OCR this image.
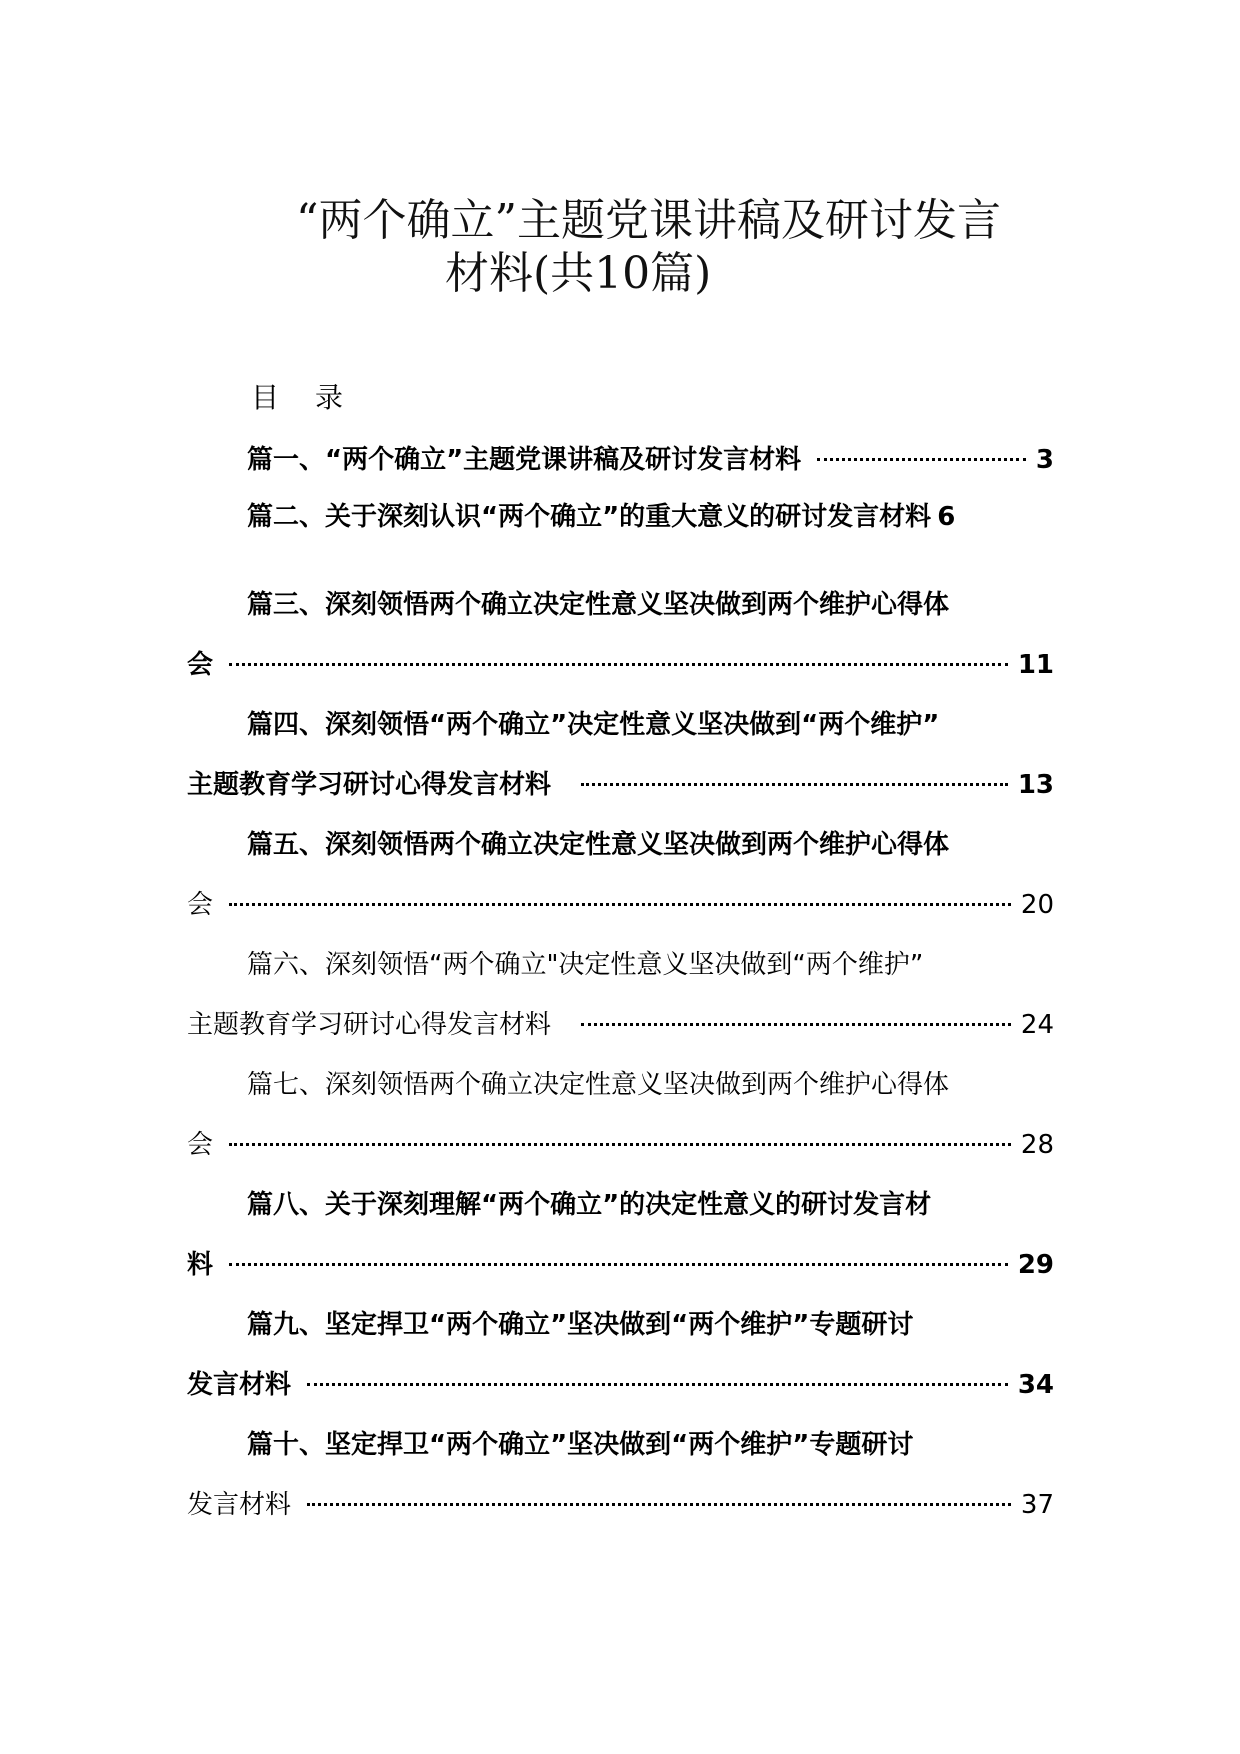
“两个确立”主题党课讲稿及研讨发言
材料(共10篇)
目 录
篇一、“两个确立”主题党课讲稿及研讨发言材料	3
篇二、关于深刻认识“两个确立”的重大意义的研讨发言材料 6
篇三、深刻领悟两个确立决定性意义坚决做到两个维护心得体
会	11
篇四、深刻领悟“两个确立”决定性意义坚决做到“两个维护”
主题教育学习研讨心得发言材料	13
篇五、深刻领悟两个确立决定性意义坚决做到两个维护心得体
会	20
篇六、深刻领悟“两个确立"决定性意义坚决做到“两个维护”
主题教育学习研讨心得发言材料	24
篇七、深刻领悟两个确立决定性意义坚决做到两个维护心得体
会	28
篇八、关于深刻理解“两个确立”的决定性意义的研讨发言材
料	29
篇九、坚定捍卫“两个确立”坚决做到“两个维护”专题研讨
发言材料	34
篇十、坚定捍卫“两个确立”坚决做到“两个维护”专题研讨
发言材料	37
